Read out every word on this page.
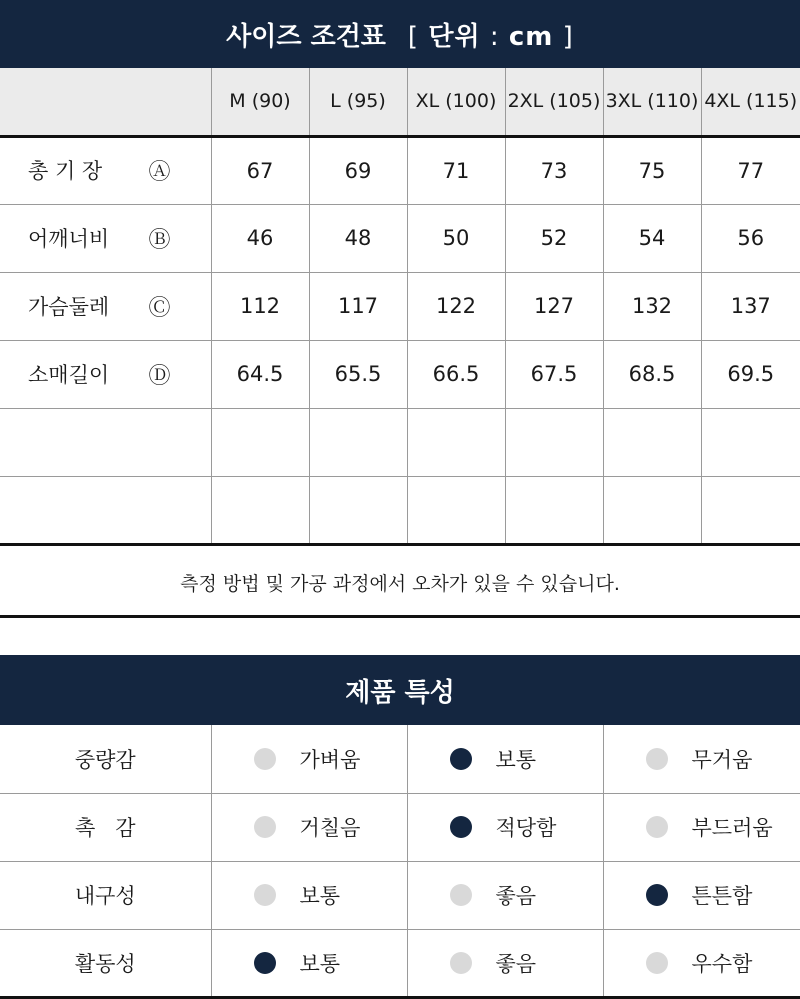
사이즈 조건표 [ 단위 : cm ]
	M (90)	L (95)	XL (100)	2XL (105)	3XL (110)	4XL (115)

총 기 장 Ⓐ	67	69	71	73	75	77

어깨너비 Ⓑ	46	48	50	52	54	56

가슴둘레 Ⓒ	112	117	122	127	132	137

소매길이 Ⓓ	64.5	65.5	66.5	67.5	68.5	69.5

측정 방법 및 가공 과정에서 오차가 있을 수 있습니다.
제품 특성
중량감	가벼움	보통	무거움

촉   감	거칠음	적당함	부드러움

내구성	보통	좋음	튼튼함

활동성	보통	좋음	우수함
